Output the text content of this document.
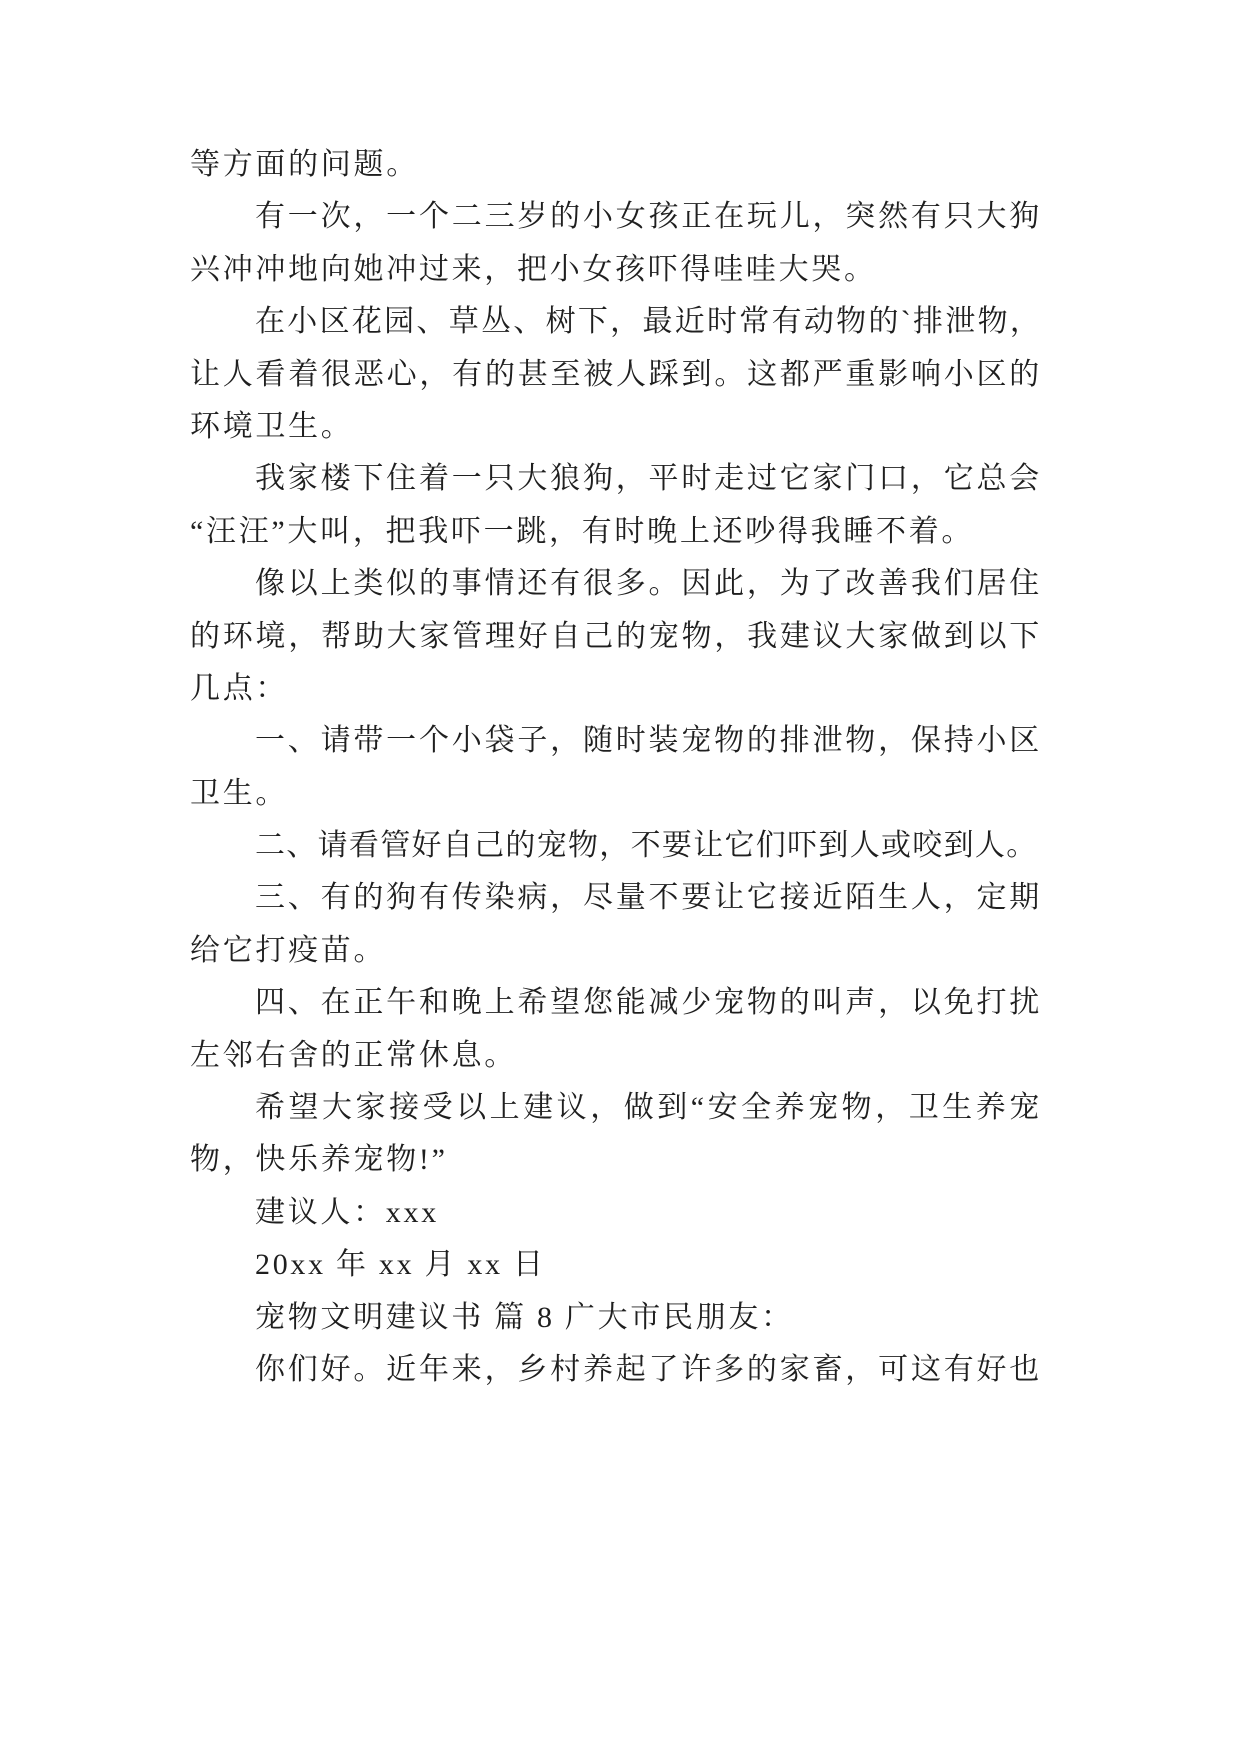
等方面的问题。
有一次，一个二三岁的小女孩正在玩儿，突然有只大狗
兴冲冲地向她冲过来，把小女孩吓得哇哇大哭。
在小区花园、草丛、树下，最近时常有动物的`排泄物，
让人看着很恶心，有的甚至被人踩到。这都严重影响小区的
环境卫生。
我家楼下住着一只大狼狗，平时走过它家门口，它总会
“汪汪”大叫，把我吓一跳，有时晚上还吵得我睡不着。
像以上类似的事情还有很多。因此，为了改善我们居住
的环境，帮助大家管理好自己的宠物，我建议大家做到以下
几点：
一、请带一个小袋子，随时装宠物的排泄物，保持小区
卫生。
二、请看管好自己的宠物，不要让它们吓到人或咬到人。
三、有的狗有传染病，尽量不要让它接近陌生人，定期
给它打疫苗。
四、在正午和晚上希望您能减少宠物的叫声，以免打扰
左邻右舍的正常休息。
希望大家接受以上建议，做到“安全养宠物，卫生养宠
物，快乐养宠物!”
建议人：xxx
20xx 年 xx 月 xx 日
宠物文明建议书 篇 8 广大市民朋友：
你们好。近年来，乡村养起了许多的家畜，可这有好也
